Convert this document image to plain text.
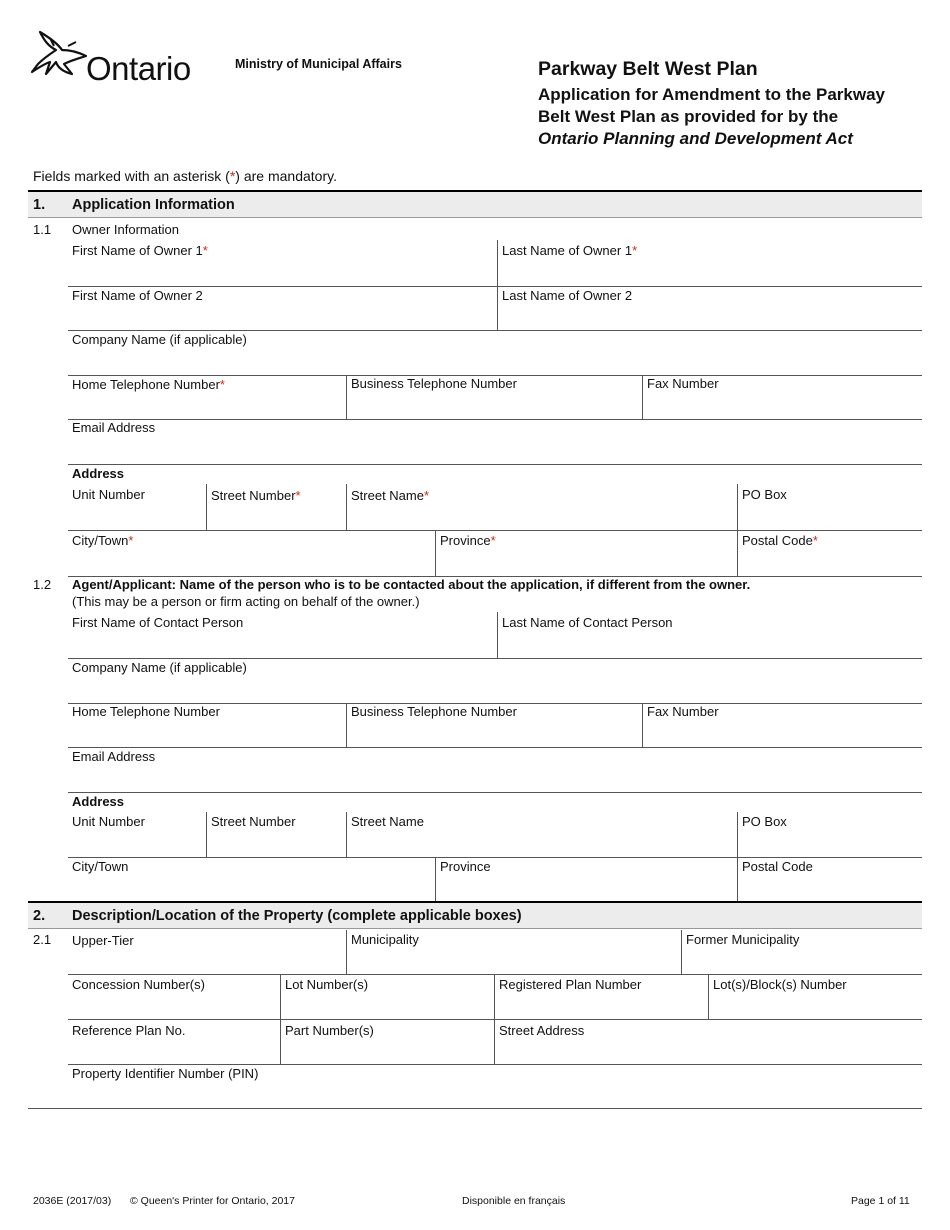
Ontario	Ministry of Municipal Affairs	Parkway Belt West Plan
Application for Amendment to the Parkway
Belt West Plan as provided for by the
Ontario Planning and Development Act
Fields marked with an asterisk (*) are mandatory.
1. Application Information
1.1 Owner Information
First Name of Owner 1*	Last Name of Owner 1*
First Name of Owner 2	Last Name of Owner 2
Company Name (if applicable)
Home Telephone Number*	Business Telephone Number	Fax Number
Email Address
Address
Unit Number	Street Number*	Street Name*	PO Box
City/Town*	Province*	Postal Code*
1.2 Agent/Applicant: Name of the person who is to be contacted about the application, if different from the owner.
(This may be a person or firm acting on behalf of the owner.)
First Name of Contact Person	Last Name of Contact Person
Company Name (if applicable)
Home Telephone Number	Business Telephone Number	Fax Number
Email Address
Address
Unit Number	Street Number	Street Name	PO Box
City/Town	Province	Postal Code
2. Description/Location of the Property (complete applicable boxes)
2.1 Upper-Tier	Municipality	Former Municipality
Concession Number(s)	Lot Number(s)	Registered Plan Number	Lot(s)/Block(s) Number
Reference Plan No.	Part Number(s)	Street Address
Property Identifier Number (PIN)
2036E (2017/03) © Queen's Printer for Ontario, 2017	Disponible en français	Page 1 of 11
